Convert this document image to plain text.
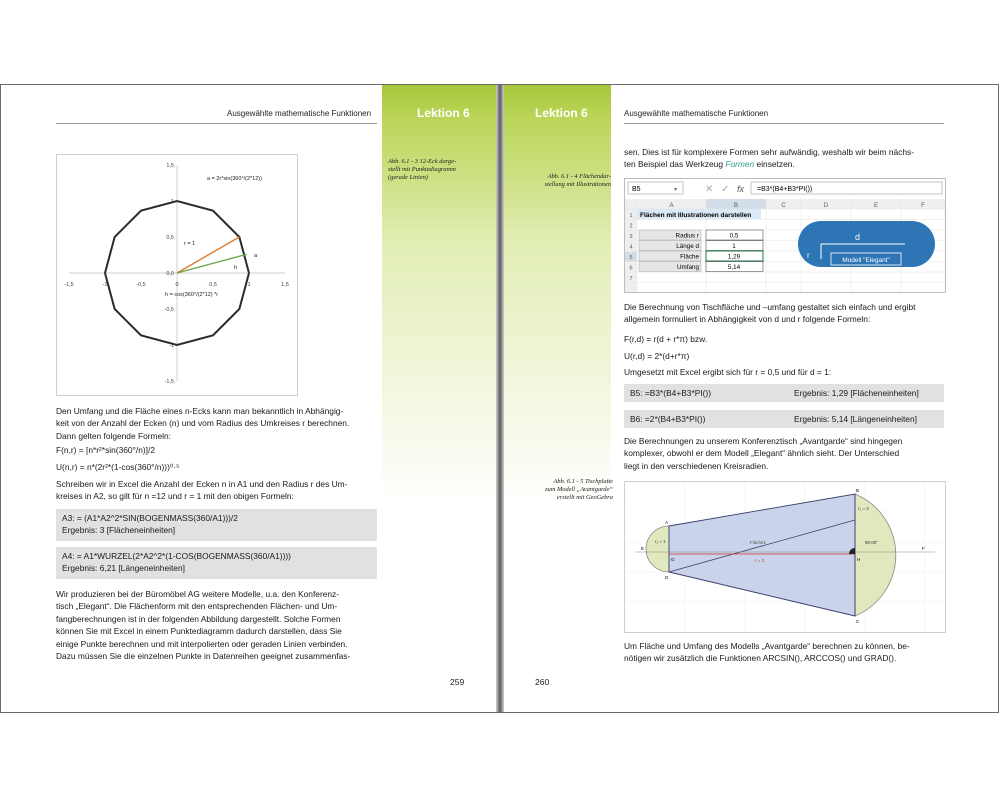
Ausgewählte mathematische Funktionen	Lektion 6
Abb. 6.1 - 3 12-Eck darge-
stellt mit Punktediagramm
(gerade Linien)
-1,5	-1	-0,5	0	0,5	1	1,5
1,5
1
0,5
0,0
-0,5
-1
-1,5
a = 2r*sin(360°/(2*12))
r = 1
a
h
h = cos(360°/(2*12) *r
Den Umfang und die Fläche eines n-Ecks kann man bekanntlich in Abhängig-
keit von der Anzahl der Ecken (n) und vom Radius des Umkreises r berechnen.
Dann gelten folgende Formeln:
F(n,r) = [n*r²*sin(360°/n)]/2
U(n,r) = n*(2r²*(1-cos(360°/n)))⁰·⁵
Schreiben wir in Excel die Anzahl der Ecken n in A1 und den Radius r des Um-
kreises in A2, so gilt für n =12 und r = 1 mit den obigen Formeln:
A3: = (A1*A2^2*SIN(BOGENMASS(360/A1)))/2
Ergebnis: 3 [Flächeneinheiten]
A4: = A1*WURZEL(2*A2^2*(1-COS(BOGENMASS(360/A1))))
Ergebnis: 6,21 [Längeneinheiten]
Wir produzieren bei der Büromöbel AG weitere Modelle, u.a. den Konferenz-
tisch „Elegant“. Die Flächenform mit den entsprechenden Flächen- und Um-
fangberechnungen ist in der folgenden Abbildung dargestellt. Solche Formen
können Sie mit Excel in einem Punktediagramm dadurch darstellen, dass Sie
einige Punkte berechnen und mit interpolierten oder geraden Linien verbinden.
Dazu müssen Sie die einzelnen Punkte in Datenreihen geeignet zusammenfas-
259
Lektion 6	Ausgewählte mathematische Funktionen
sen. Dies ist für komplexere Formen sehr aufwändig, weshalb wir beim nächs-
ten Beispiel das Werkzeug Formen einsetzen.
Abb. 6.1 - 4 Flächendar-
stellung mit Illustrationen
B5	▾	✕ ✓ fx =B3*(B4+B3*PI())
A	B	C	D	E	F
1
2
3
4
5
6
7
Flächen mit Illustrationen darstellen
Radius r	0,5
Länge d	1
Fläche	1,29
Umfang	5,14
d
r
Modell "Elegant"
Die Berechnung von Tischfläche und –umfang gestaltet sich einfach und ergibt
allgemein formuliert in Abhängigkeit von d und r folgende Formeln:
F(r,d) = r(d + r*π) bzw.
U(r,d) = 2*(d+r*π)
Umgesetzt mit Excel ergibt sich für r = 0,5 und für d = 1:
B5: =B3*(B4+B3*PI())	Ergebnis: 1,29 [Flächeneinheiten]
B6: =2*(B4+B3*PI())	Ergebnis: 5,14 [Längeneinheiten]
Die Berechnungen zu unserem Konferenztisch „Avantgarde“ sind hingegen
komplexer, obwohl er dem Modell „Elegant“ ähnlich sieht. Der Unterschied
liegt in den verschiedenen Kreisradien.
Abb. 6.1 - 5 Tischplatte
zum Modell „Avantgarde“
erstellt mit GeoGebra
r₁ = 1
r₂ = 2
Fläche1
r = 3
90,00°
A
B
C
D
E	F
G	H
Um Fläche und Umfang des Modells „Avantgarde“ berechnen zu können, be-
nötigen wir zusätzlich die Funktionen ARCSIN(), ARCCOS() und GRAD().
260
